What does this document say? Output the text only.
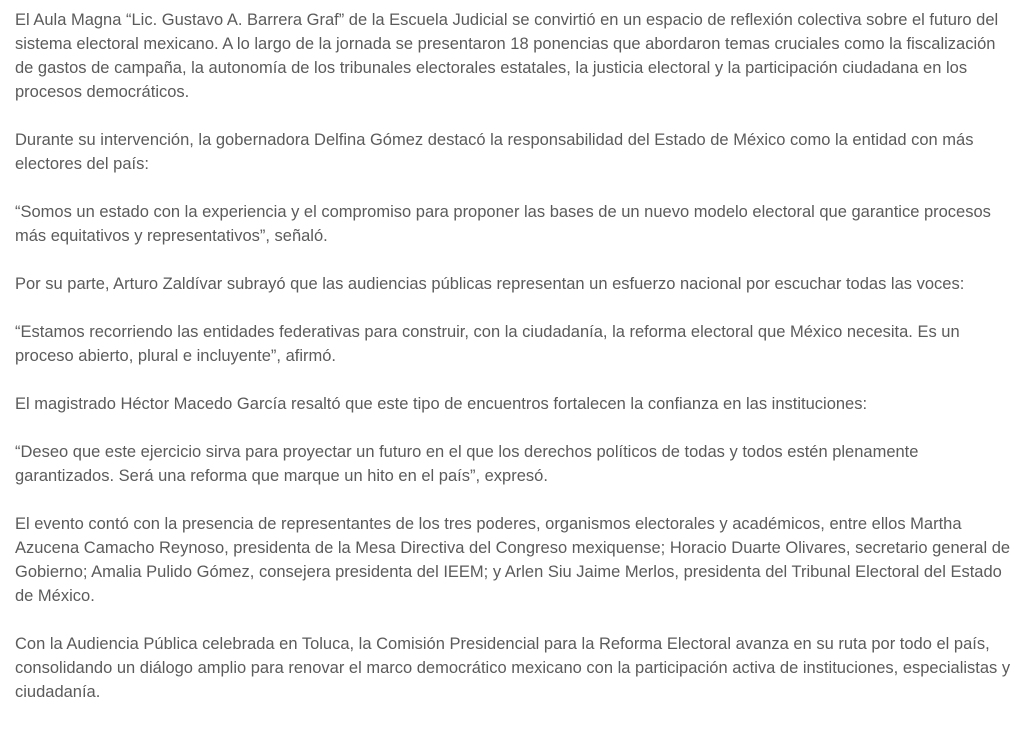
El Aula Magna “Lic. Gustavo A. Barrera Graf” de la Escuela Judicial se convirtió en un espacio de reflexión colectiva sobre el futuro del sistema electoral mexicano. A lo largo de la jornada se presentaron 18 ponencias que abordaron temas cruciales como la fiscalización de gastos de campaña, la autonomía de los tribunales electorales estatales, la justicia electoral y la participación ciudadana en los procesos democráticos.

Durante su intervención, la gobernadora Delfina Gómez destacó la responsabilidad del Estado de México como la entidad con más electores del país:

“Somos un estado con la experiencia y el compromiso para proponer las bases de un nuevo modelo electoral que garantice procesos más equitativos y representativos”, señaló.

Por su parte, Arturo Zaldívar subrayó que las audiencias públicas representan un esfuerzo nacional por escuchar todas las voces:

“Estamos recorriendo las entidades federativas para construir, con la ciudadanía, la reforma electoral que México necesita. Es un proceso abierto, plural e incluyente”, afirmó.

El magistrado Héctor Macedo García resaltó que este tipo de encuentros fortalecen la confianza en las instituciones:

“Deseo que este ejercicio sirva para proyectar un futuro en el que los derechos políticos de todas y todos estén plenamente garantizados. Será una reforma que marque un hito en el país”, expresó.

El evento contó con la presencia de representantes de los tres poderes, organismos electorales y académicos, entre ellos Martha Azucena Camacho Reynoso, presidenta de la Mesa Directiva del Congreso mexiquense; Horacio Duarte Olivares, secretario general de Gobierno; Amalia Pulido Gómez, consejera presidenta del IEEM; y Arlen Siu Jaime Merlos, presidenta del Tribunal Electoral del Estado de México.

Con la Audiencia Pública celebrada en Toluca, la Comisión Presidencial para la Reforma Electoral avanza en su ruta por todo el país, consolidando un diálogo amplio para renovar el marco democrático mexicano con la participación activa de instituciones, especialistas y ciudadanía.
